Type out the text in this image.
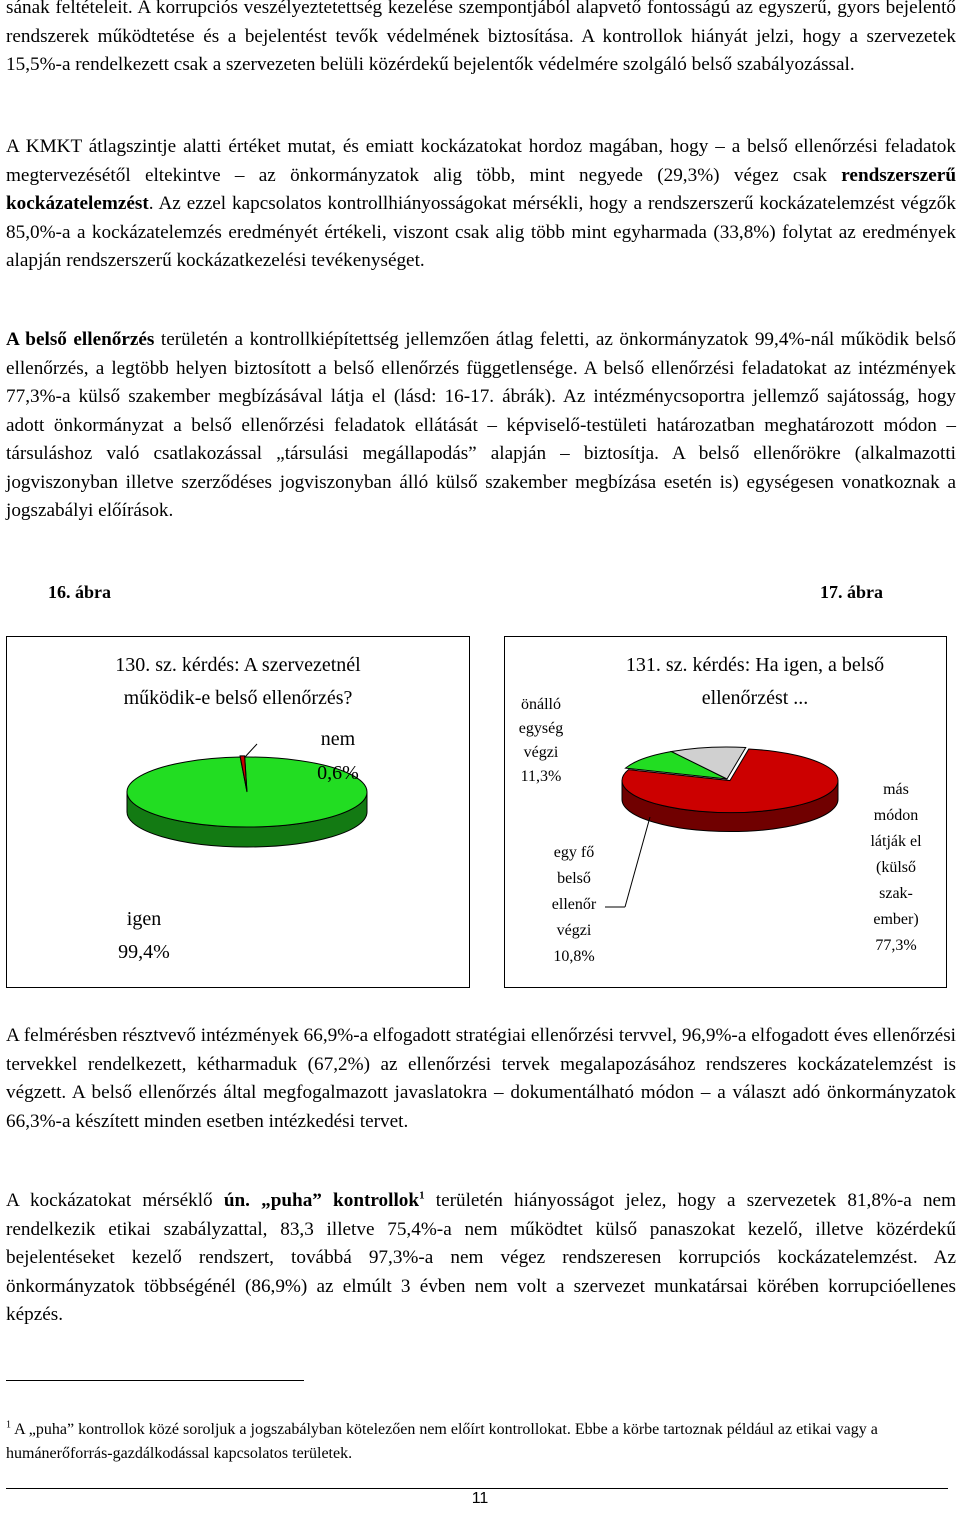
sának feltételeit. A korrupciós veszélyeztetettség kezelése szempontjából alapvető fontosságú az egyszerű, gyors bejelentő rendszerek működtetése és a bejelentést tevők védelmének biztosítása. A kontrollok hiányát jelzi, hogy a szervezetek 15,5%-a rendelkezett csak a szervezeten belüli közérdekű bejelentők védelmére szolgáló belső szabályozással.

A KMKT átlagszintje alatti értéket mutat, és emiatt kockázatokat hordoz magában, hogy – a belső ellenőrzési feladatok megtervezésétől eltekintve – az önkormányzatok alig több, mint negyede (29,3%) végez csak rendszerszerű kockázatelemzést. Az ezzel kapcsolatos kontrollhiányosságokat mérsékli, hogy a rendszerszerű kockázatelemzést végzők 85,0%-a a kockázatelemzés eredményét értékeli, viszont csak alig több mint egyharmada (33,8%) folytat az eredmények alapján rendszerszerű kockázatkezelési tevékenységet.

A belső ellenőrzés területén a kontrollkiépítettség jellemzően átlag feletti, az önkormányzatok 99,4%-nál működik belső ellenőrzés, a legtöbb helyen biztosított a belső ellenőrzés függetlensége. A belső ellenőrzési feladatokat az intézmények 77,3%-a külső szakember megbízásával látja el (lásd: 16-17. ábrák). Az intézménycsoportra jellemző sajátosság, hogy adott önkormányzat a belső ellenőrzési feladatok ellátását – képviselő-testületi határozatban meghatározott módon – társuláshoz való csatlakozással „társulási megállapodás” alapján – biztosítja. A belső ellenőrökre (alkalmazotti jogviszonyban illetve szerződéses jogviszonyban álló külső szakember megbízása esetén is) egységesen vonatkoznak a jogszabályi előírások.

16. ábra	17. ábra
130. sz. kérdés: A szervezetnél
működik-e belső ellenőrzés?
nem
0,6%
igen
99,4%
131. sz. kérdés: Ha igen, a belső
ellenőrzést ...
önálló
egység
végzi
11,3%
egy fő
belső
ellenőr
végzi
10,8%
más
módon
látják el
(külső
szak-
ember)
77,3%

A felmérésben résztvevő intézmények 66,9%-a elfogadott stratégiai ellenőrzési tervvel, 96,9%-a elfogadott éves ellenőrzési tervekkel rendelkezett, kétharmaduk (67,2%) az ellenőrzési tervek megalapozásához rendszeres kockázatelemzést is végzett. A belső ellenőrzés által megfogalmazott javaslatokra – dokumentálható módon – a választ adó önkormányzatok 66,3%-a készített minden esetben intézkedési tervet.

A kockázatokat mérséklő ún. „puha” kontrollok$^1$ területén hiányosságot jelez, hogy a szervezetek 81,8%-a nem rendelkezik etikai szabályzattal, 83,3 illetve 75,4%-a nem működtet külső panaszokat kezelő, illetve közérdekű bejelentéseket kezelő rendszert, továbbá 97,3%-a nem végez rendszeresen korrupciós kockázatelemzést. Az önkormányzatok többségénél (86,9%) az elmúlt 3 évben nem volt a szervezet munkatársai körében korrupcióellenes képzés.

$^1$ A „puha” kontrollok közé soroljuk a jogszabályban kötelezően nem előírt kontrollokat. Ebbe a körbe tartoznak például az etikai vagy a humánerőforrás-gazdálkodással kapcsolatos területek.

11
